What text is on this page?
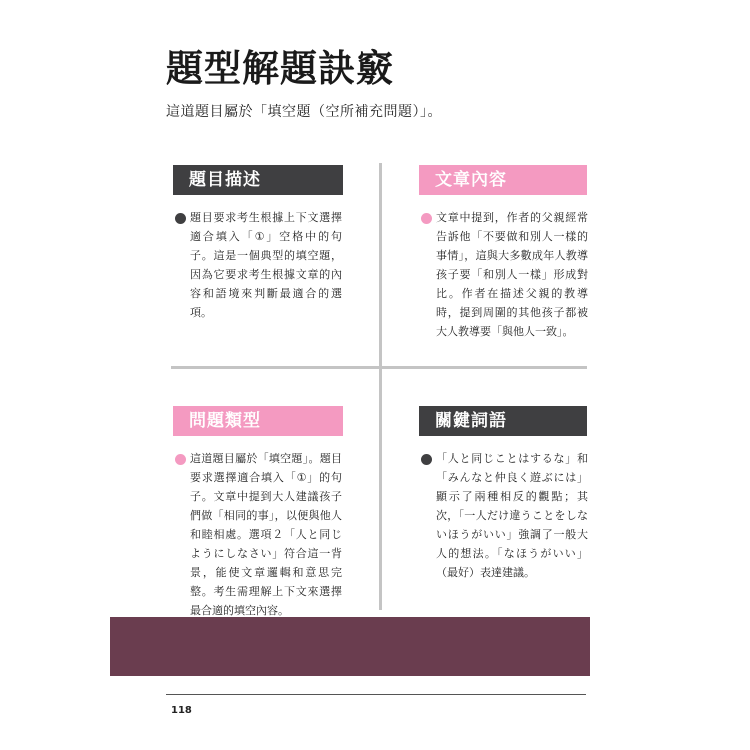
題型解題訣竅
這道題目屬於「填空題（空所補充問題）」。
題目描述
題目要求考生根據上下文選擇適合填入「①」空格中的句子。這是一個典型的填空題，因為它要求考生根據文章的內容和語境來判斷最適合的選項。
文章內容
文章中提到，作者的父親經常告訴他「不要做和別人一樣的事情」，這與大多數成年人教導孩子要「和別人一樣」形成對比。作者在描述父親的教導時，提到周圍的其他孩子都被大人教導要「與他人一致」。
問題類型
這道題目屬於「填空題」。題目要求選擇適合填入「①」的句子。文章中提到大人建議孩子們做「相同的事」，以便與他人和睦相處。選項２「人と同じようにしなさい」符合這一背景，能使文章邏輯和意思完整。考生需理解上下文來選擇最合適的填空內容。
關鍵詞語
「人と同じことはするな」和「みんなと仲良く遊ぶには」顯示了兩種相反的觀點；其次，「一人だけ違うことをしないほうがいい」強調了一般大人的想法。「なほうがいい」（最好）表達建議。
118
